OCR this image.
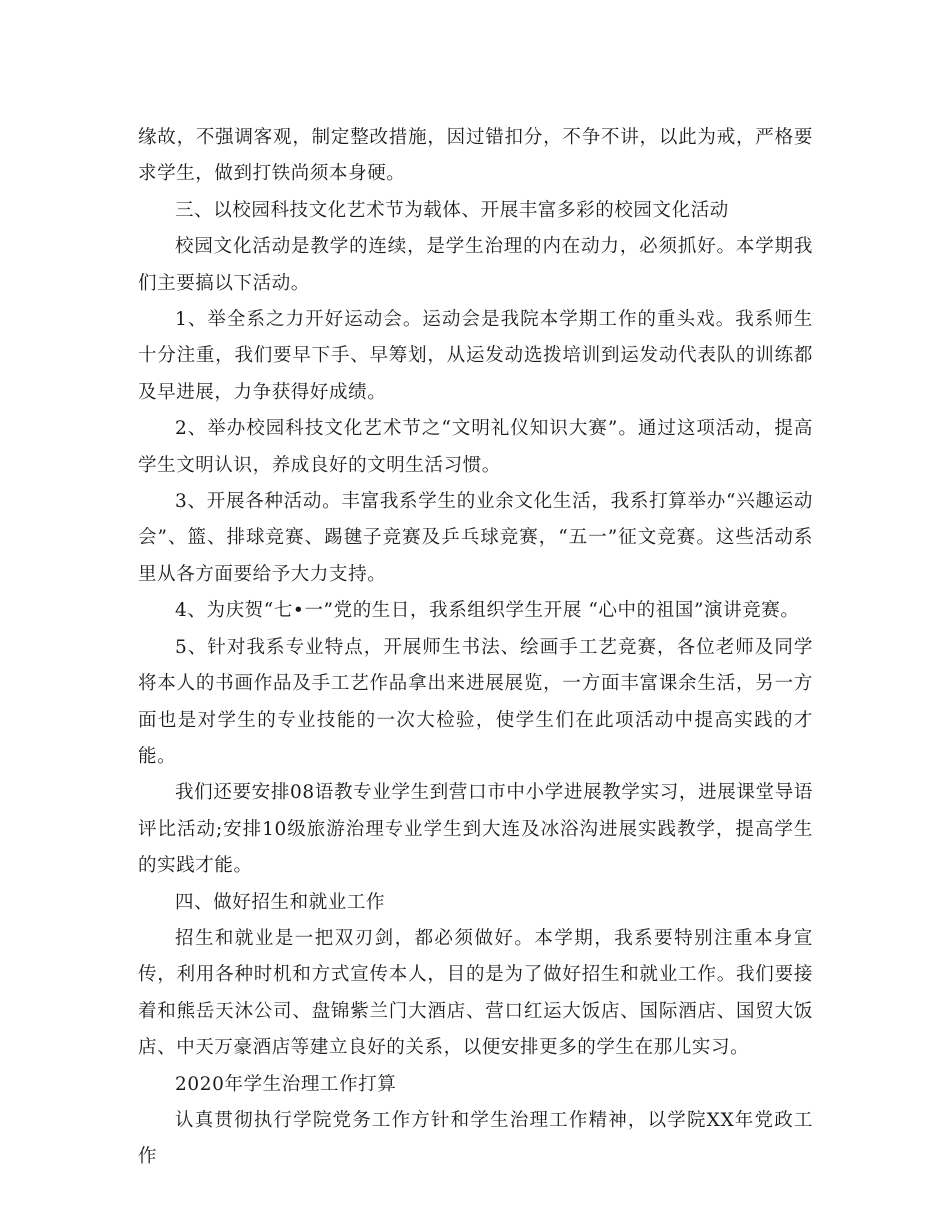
缘故，不强调客观，制定整改措施，因过错扣分，不争不讲，以此为戒，严格要求学生，做到打铁尚须本身硬。

三、以校园科技文化艺术节为载体、开展丰富多彩的校园文化活动

校园文化活动是教学的连续，是学生治理的内在动力，必须抓好。本学期我们主要搞以下活动。

1、举全系之力开好运动会。运动会是我院本学期工作的重头戏。我系师生十分注重，我们要早下手、早筹划，从运发动选拨培训到运发动代表队的训练都及早进展，力争获得好成绩。

2、举办校园科技文化艺术节之“文明礼仪知识大赛”。通过这项活动，提高学生文明认识，养成良好的文明生活习惯。

3、开展各种活动。丰富我系学生的业余文化生活，我系打算举办“兴趣运动会”、篮、排球竞赛、踢毽子竞赛及乒乓球竞赛，“五一”征文竞赛。这些活动系里从各方面要给予大力支持。

4、为庆贺“七•一”党的生日，我系组织学生开展 “心中的祖国”演讲竞赛。

5、针对我系专业特点，开展师生书法、绘画手工艺竞赛，各位老师及同学将本人的书画作品及手工艺作品拿出来进展展览，一方面丰富课余生活，另一方面也是对学生的专业技能的一次大检验，使学生们在此项活动中提高实践的才能。

我们还要安排08语教专业学生到营口市中小学进展教学实习，进展课堂导语评比活动;安排10级旅游治理专业学生到大连及冰浴沟进展实践教学，提高学生的实践才能。

四、做好招生和就业工作

招生和就业是一把双刃剑，都必须做好。本学期，我系要特别注重本身宣传，利用各种时机和方式宣传本人，目的是为了做好招生和就业工作。我们要接着和熊岳天沐公司、盘锦紫兰门大酒店、营口红运大饭店、国际酒店、国贸大饭店、中天万豪酒店等建立良好的关系，以便安排更多的学生在那儿实习。

2020年学生治理工作打算

认真贯彻执行学院党务工作方针和学生治理工作精神，以学院XX年党政工作
